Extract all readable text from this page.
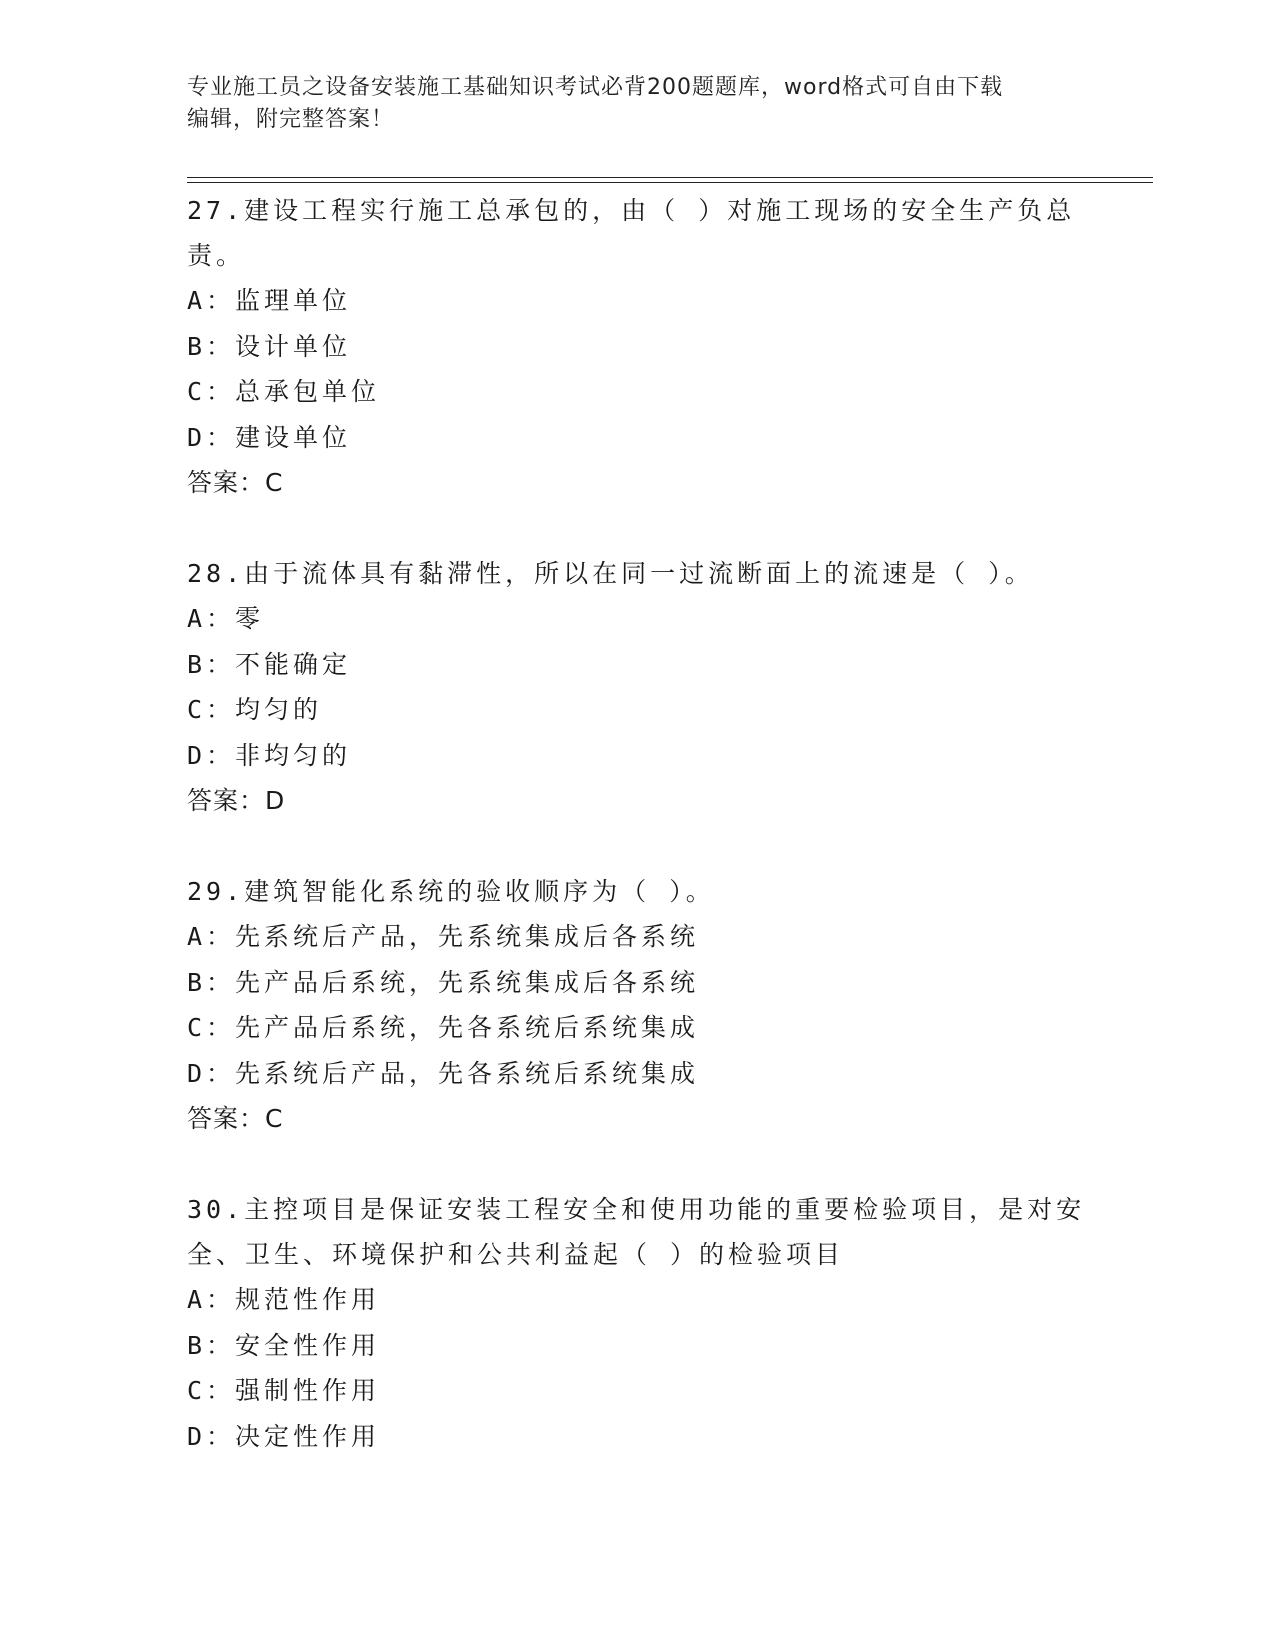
专业施工员之设备安装施工基础知识考试必背200题题库，word格式可自由下载
编辑，附完整答案！

27.建设工程实行施工总承包的，由（ ）对施工现场的安全生产负总

责。

A：监理单位

B：设计单位

C：总承包单位

D：建设单位

答案：C

28.由于流体具有黏滞性，所以在同一过流断面上的流速是（ ）。

A：零

B：不能确定

C：均匀的

D：非均匀的

答案：D

29.建筑智能化系统的验收顺序为（ ）。

A：先系统后产品，先系统集成后各系统

B：先产品后系统，先系统集成后各系统

C：先产品后系统，先各系统后系统集成

D：先系统后产品，先各系统后系统集成

答案：C

30.主控项目是保证安装工程安全和使用功能的重要检验项目，是对安

全、卫生、环境保护和公共利益起（ ）的检验项目

A：规范性作用

B：安全性作用

C：强制性作用

D：决定性作用
